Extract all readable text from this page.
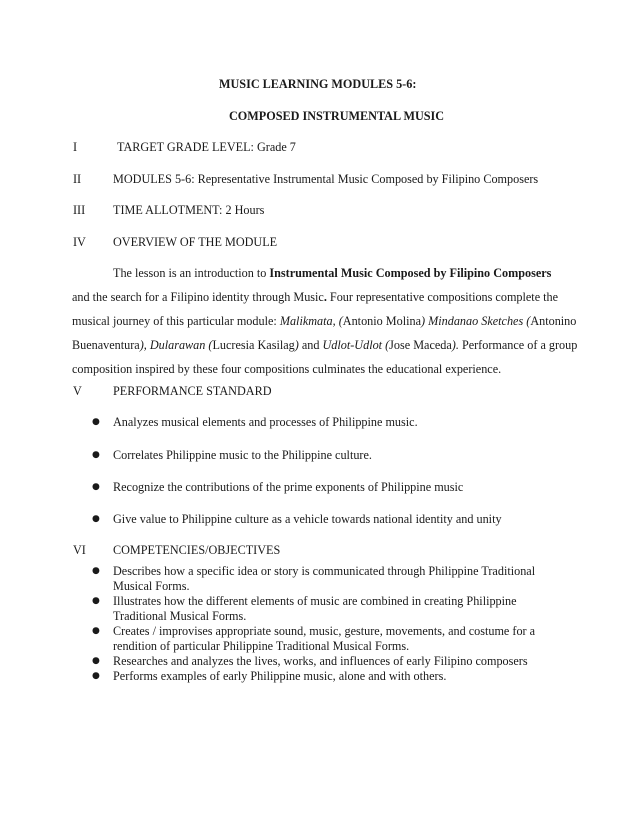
MUSIC LEARNING MODULES 5-6:
COMPOSED INSTRUMENTAL MUSIC
I	TARGET GRADE LEVEL: Grade 7
II	MODULES 5-6: Representative Instrumental Music Composed by Filipino Composers
III TIME ALLOTMENT: 2 Hours
IV OVERVIEW OF THE MODULE
The lesson is an introduction to Instrumental Music Composed by Filipino Composers
and the search for a Filipino identity through Music. Four representative compositions complete the
musical journey of this particular module: Malikmata, (Antonio Molina) Mindanao Sketches (Antonino
Buenaventura), Dularawan (Lucresia Kasilag) and Udlot-Udlot (Jose Maceda). Performance of a group
composition inspired by these four compositions culminates the educational experience.
V	PERFORMANCE STANDARD
● Analyzes musical elements and processes of Philippine music.
● Correlates Philippine music to the Philippine culture.
● Recognize the contributions of the prime exponents of Philippine music
● Give value to Philippine culture as a vehicle towards national identity and unity
VI COMPETENCIES/OBJECTIVES
● Describes how a specific idea or story is communicated through Philippine Traditional
Musical Forms.
● Illustrates how the different elements of music are combined in creating Philippine
Traditional Musical Forms.
● Creates / improvises appropriate sound, music, gesture, movements, and costume for a
rendition of particular Philippine Traditional Musical Forms.
● Researches and analyzes the lives, works, and influences of early Filipino composers
● Performs examples of early Philippine music, alone and with others.
